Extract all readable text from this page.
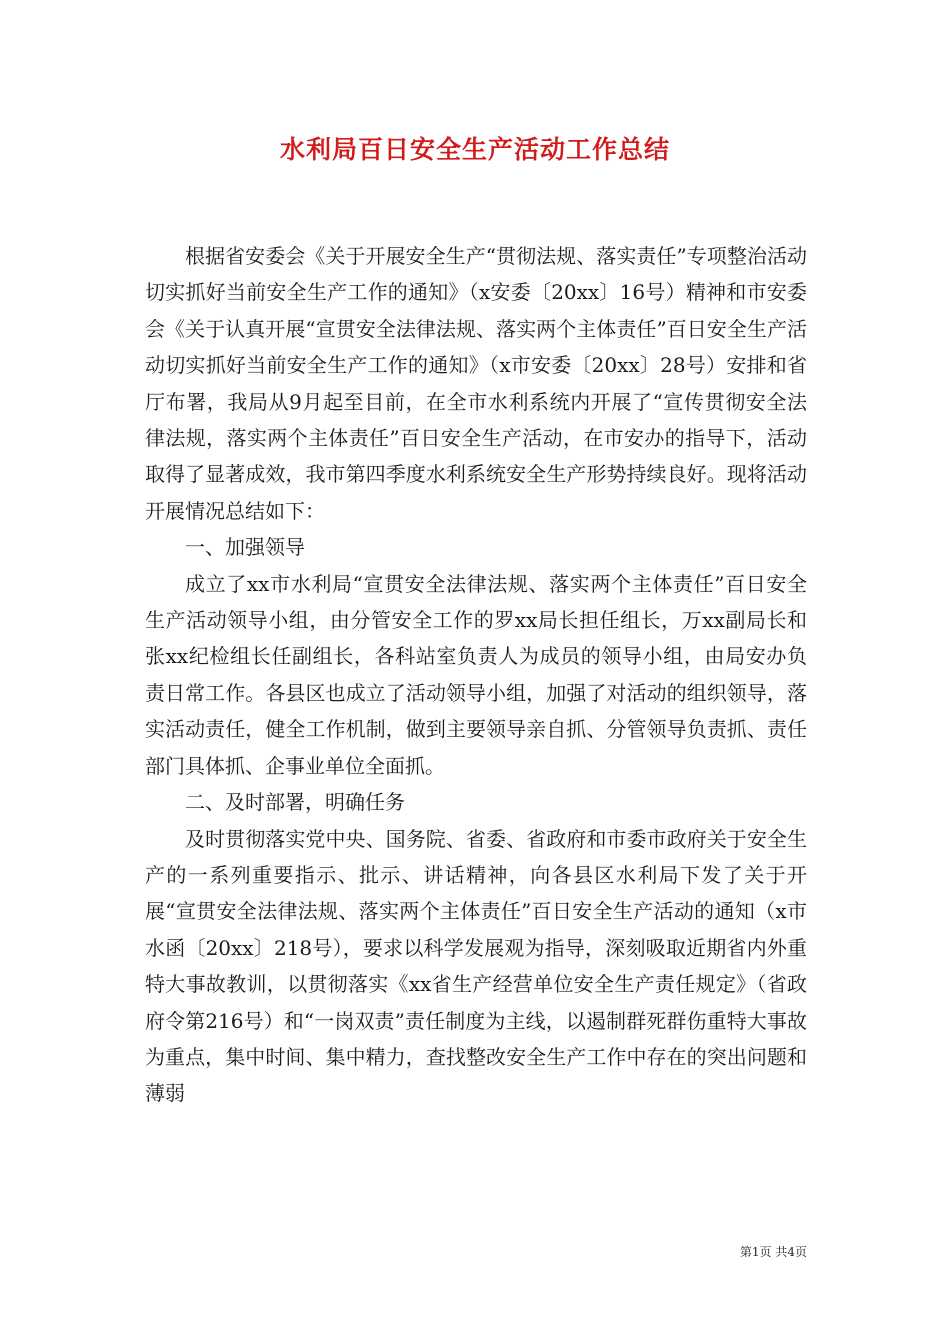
水利局百日安全生产活动工作总结

根据省安委会《关于开展安全生产“贯彻法规、落实责任”专项整治活动切实抓好当前安全生产工作的通知》（x安委〔20xx〕16号）精神和市安委会《关于认真开展“宣贯安全法律法规、落实两个主体责任”百日安全生产活动切实抓好当前安全生产工作的通知》（x市安委〔20xx〕28号）安排和省厅布署，我局从9月起至目前，在全市水利系统内开展了“宣传贯彻安全法律法规，落实两个主体责任”百日安全生产活动，在市安办的指导下，活动取得了显著成效，我市第四季度水利系统安全生产形势持续良好。现将活动开展情况总结如下：

一、加强领导

成立了xx市水利局“宣贯安全法律法规、落实两个主体责任”百日安全生产活动领导小组，由分管安全工作的罗xx局长担任组长，万xx副局长和张xx纪检组长任副组长，各科站室负责人为成员的领导小组，由局安办负责日常工作。各县区也成立了活动领导小组，加强了对活动的组织领导，落实活动责任，健全工作机制，做到主要领导亲自抓、分管领导负责抓、责任部门具体抓、企事业单位全面抓。

二、及时部署，明确任务

及时贯彻落实党中央、国务院、省委、省政府和市委市政府关于安全生产的一系列重要指示、批示、讲话精神，向各县区水利局下发了关于开展“宣贯安全法律法规、落实两个主体责任”百日安全生产活动的通知（x市水函〔20xx〕218号），要求以科学发展观为指导，深刻吸取近期省内外重特大事故教训，以贯彻落实《xx省生产经营单位安全生产责任规定》（省政府令第216号）和“一岗双责”责任制度为主线，以遏制群死群伤重特大事故为重点，集中时间、集中精力，查找整改安全生产工作中存在的突出问题和薄弱

第1页 共4页
